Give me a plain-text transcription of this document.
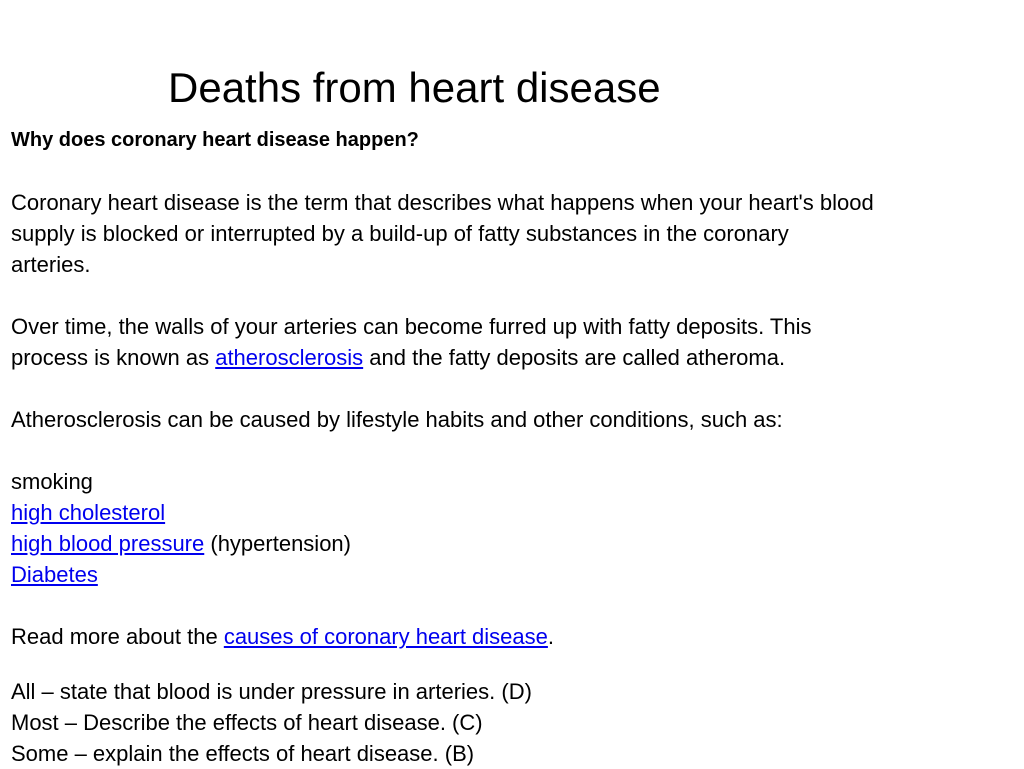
Deaths from heart disease
Why does coronary heart disease happen?
Coronary heart disease is the term that describes what happens when your heart's blood
supply is blocked or interrupted by a build-up of fatty substances in the coronary
arteries.
Over time, the walls of your arteries can become furred up with fatty deposits. This
process is known as atherosclerosis and the fatty deposits are called atheroma.
Atherosclerosis can be caused by lifestyle habits and other conditions, such as:
smoking
high cholesterol
high blood pressure (hypertension)
Diabetes
Read more about the causes of coronary heart disease.
All – state that blood is under pressure in arteries. (D)
Most – Describe the effects of heart disease. (C)
Some – explain the effects of heart disease. (B)
